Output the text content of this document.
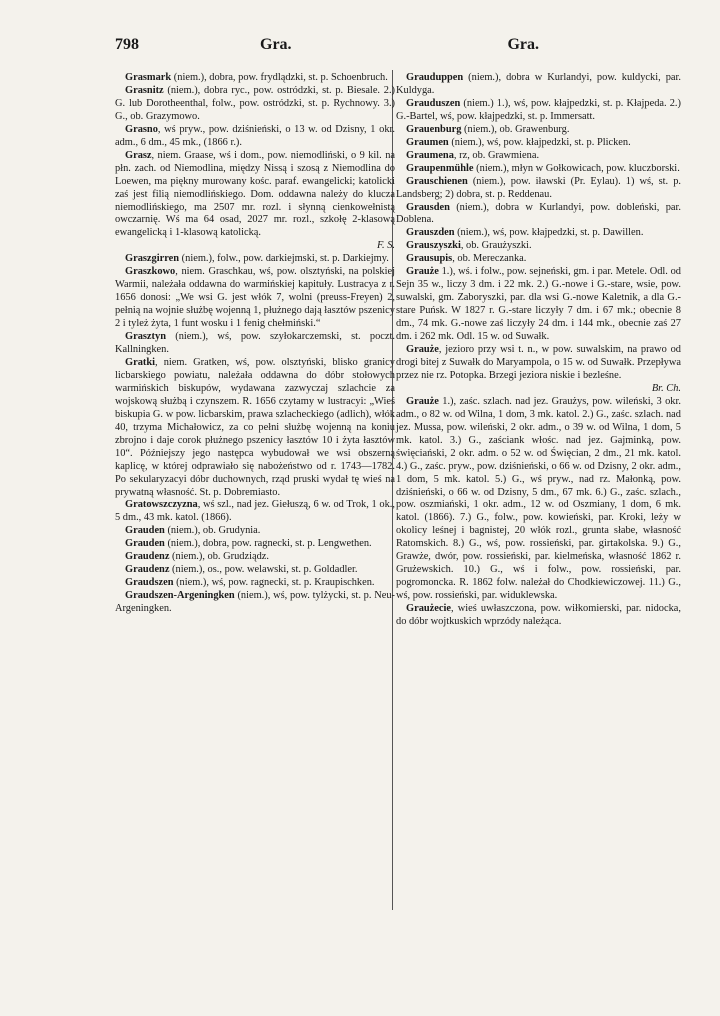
798	Gra.	Gra.

Grasmark (niem.), dobra, pow. frydlądzki, st. p. Schoenbruch.

Grasnitz (niem.), dobra ryc., pow. ostródzki, st. p. Biesale. 2.) G. lub Dorotheenthal, folw., pow. ostródzki, st. p. Rychnowy. 3.) G., ob. Grazymowo.

Grasno, wś pryw., pow. dziśnieński, o 13 w. od Dzisny, 1 okr. adm., 6 dm., 45 mk., (1866 r.).

Grasz, niem. Graase, wś i dom., pow. niemodliński, o 9 kil. na płn. zach. od Niemodlina, między Nissą i szosą z Niemodlina do Loewen, ma piękny murowany kośc. paraf. ewangelicki; katolicki zaś jest filią niemodlińskiego. Dom. oddawna należy do klucza niemodlińskiego, ma 2507 mr. rozl. i słynną cienkowełnistą owczarnię. Wś ma 64 osad, 2027 mr. rozl., szkołę 2-klasową ewangelicką i 1-klasową katolicką.

F. S.

Graszgirren (niem.), folw., pow. darkiejmski, st. p. Darkiejmy.

Graszkowo, niem. Graschkau, wś, pow. olsztyński, na polskiej Warmii, należała oddawna do warmińskiej kapituły. Lustracya z r. 1656 donosi: „We wsi G. jest włók 7, wolni (preuss-Freyen) 2, pełnią na wojnie służbę wojenną 1, płużnego dają łasztów pszenicy 2 i tyleż żyta, 1 funt wosku i 1 fenig chełmiński.“

Grasztyn (niem.), wś, pow. szyłokarczemski, st. poczt. Kallningken.

Gratki, niem. Gratken, wś, pow. olsztyński, blisko granicy licbarskiego powiatu, należała oddawna do dóbr stołowych warmińskich biskupów, wydawana zazwyczaj szlachcie za wojskową służbą i czynszem. R. 1656 czytamy w lustracyi: „Wieś biskupia G. w pow. licbarskim, prawa szlacheckiego (adlich), włók 40, trzyma Michałowicz, za co pełni służbę wojenną na koniu zbrojno i daje corok płużnego pszenicy łasztów 10 i żyta łasztów 10“. Późniejszy jego następca wybudował we wsi obszerną kaplicę, w której odprawiało się nabożeństwo od r. 1743—1782. Po sekularyzacyi dóbr duchownych, rząd pruski wydał tę wieś na prywatną własność. St. p. Dobremiasto.

Gratowszczyzna, wś szl., nad jez. Giełuszą, 6 w. od Trok, 1 ok., 5 dm., 43 mk. katol. (1866).

Grauden (niem.), ob. Grudynia.

Grauden (niem.), dobra, pow. ragnecki, st. p. Lengwethen.

Graudenz (niem.), ob. Grudziądz.

Graudenz (niem.), os., pow. welawski, st. p. Goldadler.

Graudszen (niem.), wś, pow. ragnecki, st. p. Kraupischken.

Graudszen-Argeningken (niem.), wś, pow. tylżycki, st. p. Neu-Argeningken.

Grauduppen (niem.), dobra w Kurlandyi, pow. kuldycki, par. Kuldyga.

Grauduszen (niem.) 1.), wś, pow. kłajpedzki, st. p. Kłajpeda. 2.) G.-Bartel, wś, pow. kłajpedzki, st. p. Immersatt.

Grauenburg (niem.), ob. Grawenburg.

Graumen (niem.), wś, pow. kłajpedzki, st. p. Plicken.

Graumena, rz, ob. Grawmiena.

Graupenmühle (niem.), młyn w Gołkowicach, pow. kluczborski.

Grauschienen (niem.), pow. iławski (Pr. Eylau). 1) wś, st. p. Landsberg; 2) dobra, st. p. Reddenau.

Grausden (niem.), dobra w Kurlandyi, pow. dobleński, par. Doblena.

Grauszden (niem.), wś, pow. kłajpedzki, st. p. Dawillen.

Grauszyszki, ob. Graużyszki.

Grausupis, ob. Mereczanka.

Grauże 1.), wś. i folw., pow. sejneński, gm. i par. Metele. Odl. od Sejn 35 w., liczy 3 dm. i 22 mk. 2.) G.-nowe i G.-stare, wsie, pow. suwalski, gm. Zaboryszki, par. dla wsi G.-nowe Kaletnik, a dla G.-stare Puńsk. W 1827 r. G.-stare liczyły 7 dm. i 67 mk.; obecnie 8 dm., 74 mk. G.-nowe zaś liczyły 24 dm. i 144 mk., obecnie zaś 27 dm. i 262 mk. Odl. 15 w. od Suwałk.

Grauże, jezioro przy wsi t. n., w pow. suwalskim, na prawo od drogi bitej z Suwałk do Maryampola, o 15 w. od Suwałk. Przepływa przez nie rz. Potopka. Brzegi jeziora niskie i bezleśne.

Br. Ch.

Grauże 1.), zaśc. szlach. nad jez. Graużys, pow. wileński, 3 okr. adm., o 82 w. od Wilna, 1 dom, 3 mk. katol. 2.) G., zaśc. szlach. nad jez. Mussa, pow. wileński, 2 okr. adm., o 39 w. od Wilna, 1 dom, 5 mk. katol. 3.) G., zaściank włośc. nad jez. Gajminką, pow. święciański, 2 okr. adm. o 52 w. od Święcian, 2 dm., 21 mk. katol. 4.) G., zaśc. pryw., pow. dziśnieński, o 66 w. od Dzisny, 2 okr. adm., 1 dom, 5 mk. katol. 5.) G., wś pryw., nad rz. Małonką, pow. dziśnieński, o 66 w. od Dzisny, 5 dm., 67 mk. 6.) G., zaśc. szlach., pow. oszmiański, 1 okr. adm., 12 w. od Oszmiany, 1 dom, 6 mk. katol. (1866). 7.) G., folw., pow. kowieński, par. Kroki, leży w okolicy leśnej i bagnistej, 20 włók rozl., grunta słabe, własność Ratomskich. 8.) G., wś, pow. rossieński, par. girtakolska. 9.) G., Grawże, dwór, pow. rossieński, par. kielmeńska, własność 1862 r. Grużewskich. 10.) G., wś i folw., pow. rossieński, par. pogromoncka. R. 1862 folw. należał do Chodkiewiczowej. 11.) G., wś, pow. rossieński, par. widuklewska.

Graużecie, wieś uwłaszczona, pow. wiłkomierski, par. nidocka, do dóbr wojtkuskich wprzódy należąca.
